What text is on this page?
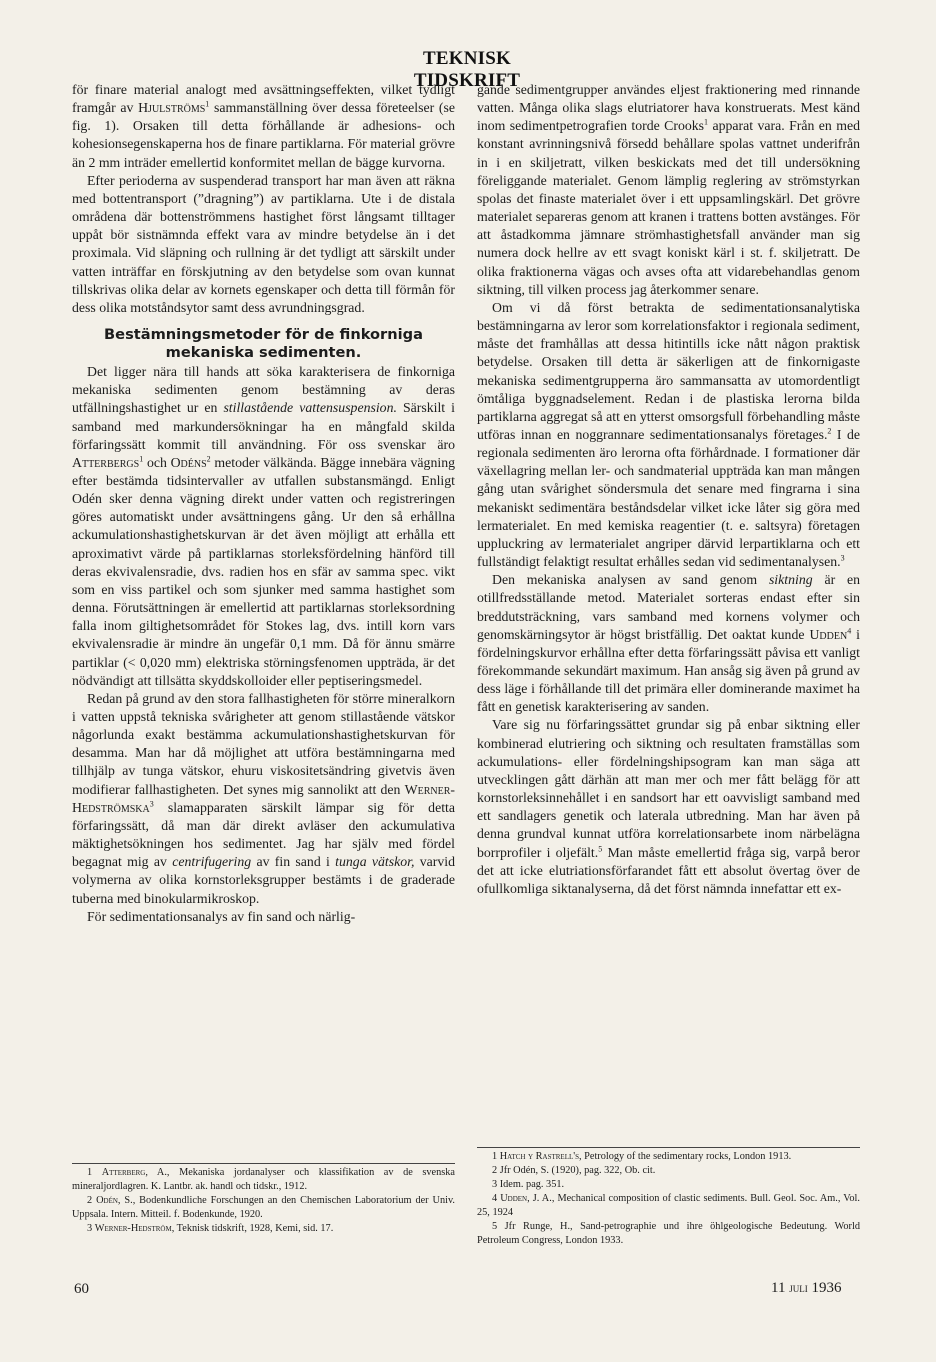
TEKNISK TIDSKRIFT

för finare material analogt med avsättningseffekten, vilket tydligt framgår av Hjulströms$^1$ sammanställning över dessa företeelser (se fig. 1). Orsaken till detta förhållande är adhesions- och kohesionsegenskaperna hos de finare partiklarna. För material grövre än 2 mm inträder emellertid konformitet mellan de bägge kurvorna.

Efter perioderna av suspenderad transport har man även att räkna med bottentransport (”dragning”) av partiklarna. Ute i de distala områdena där bottenströmmens hastighet först långsamt tilltager uppåt bör sistnämnda effekt vara av mindre betydelse än i det proximala. Vid släpning och rullning är det tydligt att särskilt under vatten inträffar en förskjutning av den betydelse som ovan kunnat tillskrivas olika delar av kornets egenskaper och detta till förmån för dess olika motståndsytor samt dess avrundningsgrad.

Bestämningsmetoder för de finkorniga mekaniska sedimenten.

Det ligger nära till hands att söka karakterisera de finkorniga mekaniska sedimenten genom bestämning av deras utfällningshastighet ur en stillastående vattensuspension. Särskilt i samband med markundersökningar ha en mångfald skilda förfaringssätt kommit till användning. För oss svenskar äro Atterbergs$^1$ och Odéns$^2$ metoder välkända. Bägge innebära vägning efter bestämda tidsintervaller av utfallen substansmängd. Enligt Odén sker denna vägning direkt under vatten och registreringen göres automatiskt under avsättningens gång. Ur den så erhållna ackumulationshastighetskurvan är det även möjligt att erhålla ett aproximativt värde på partiklarnas storleksfördelning hänförd till deras ekvivalensradie, dvs. radien hos en sfär av samma spec. vikt som en viss partikel och som sjunker med samma hastighet som denna. Förutsättningen är emellertid att partiklarnas storleksordning falla inom giltighetsområdet för Stokes lag, dvs. intill korn vars ekvivalensradie är mindre än ungefär 0,1 mm. Då för ännu smärre partiklar (< 0,020 mm) elektriska störningsfenomen uppträda, är det nödvändigt att tillsätta skyddskolloider eller peptiseringsmedel.

Redan på grund av den stora fallhastigheten för större mineralkorn i vatten uppstå tekniska svårigheter att genom stillastående vätskor någorlunda exakt bestämma ackumulationshastighetskurvan för desamma. Man har då möjlighet att utföra bestämningarna med tillhjälp av tunga vätskor, ehuru viskositetsändring givetvis även modifierar fallhastigheten. Det synes mig sannolikt att den Werner-Hedströmska$^3$ slamapparaten särskilt lämpar sig för detta förfaringssätt, då man där direkt avläser den ackumulativa mäktighetsökningen hos sedimentet. Jag har själv med fördel begagnat mig av centrifugering av fin sand i tunga vätskor, varvid volymerna av olika kornstorleksgrupper bestämts i de graderade tuberna med binokularmikroskop.

För sedimentationsanalys av fin sand och närlig-

gande sedimentgrupper användes eljest fraktionering med rinnande vatten. Många olika slags elutriatorer hava konstruerats. Mest känd inom sedimentpetrografien torde Crooks$^1$ apparat vara. Från en med konstant avrinningsnivå försedd behållare spolas vattnet underifrån in i en skiljetratt, vilken beskickats med det till undersökning föreliggande materialet. Genom lämplig reglering av strömstyrkan spolas det finaste materialet över i ett uppsamlingskärl. Det grövre materialet separeras genom att kranen i trattens botten avstänges. För att åstadkomma jämnare strömhastighetsfall använder man sig numera dock hellre av ett svagt koniskt kärl i st. f. skiljetratt. De olika fraktionerna vägas och avses ofta att vidarebehandlas genom siktning, till vilken process jag återkommer senare.

Om vi då först betrakta de sedimentationsanalytiska bestämningarna av leror som korrelationsfaktor i regionala sediment, måste det framhållas att dessa hitintills icke nått någon praktisk betydelse. Orsaken till detta är säkerligen att de finkornigaste mekaniska sedimentgrupperna äro sammansatta av utomordentligt ömtåliga byggnadselement. Redan i de plastiska lerorna bilda partiklarna aggregat så att en ytterst omsorgsfull förbehandling måste utföras innan en noggrannare sedimentationsanalys företages.$^2$ I de regionala sedimenten äro lerorna ofta förhårdnade. I formationer där växellagring mellan ler- och sandmaterial uppträda kan man mången gång utan svårighet söndersmula det senare med fingrarna i sina mekaniskt sedimentära beståndsdelar vilket icke låter sig göra med lermaterialet. En med kemiska reagentier (t. e. saltsyra) företagen uppluckring av lermaterialet angriper därvid lerpartiklarna och ett fullständigt felaktigt resultat erhålles sedan vid sedimentanalysen.$^3$

Den mekaniska analysen av sand genom siktning är en otillfredsställande metod. Materialet sorteras endast efter sin breddutsträckning, vars samband med kornens volymer och genomskärningsytor är högst bristfällig. Det oaktat kunde Udden$^4$ i fördelningskurvor erhållna efter detta förfaringssätt påvisa ett vanligt förekommande sekundärt maximum. Han ansåg sig även på grund av dess läge i förhållande till det primära eller dominerande maximet ha fått en genetisk karakterisering av sanden.

Vare sig nu förfaringssättet grundar sig på enbar siktning eller kombinerad elutriering och siktning och resultaten framställas som ackumulations- eller fördelningshipsogram kan man säga att utvecklingen gått därhän att man mer och mer fått belägg för att kornstorleksinnehållet i en sandsort har ett oavvisligt samband med ett sandlagers genetik och laterala utbredning. Man har även på denna grundval kunnat utföra korrelationsarbete inom närbelägna borrprofiler i oljefält.$^5$ Man måste emellertid fråga sig, varpå beror det att icke elutriationsförfarandet fått ett absolut övertag över de ofullkomliga siktanalyserna, då det först nämnda innefattar ett ex-

1 Atterberg, A., Mekaniska jordanalyser och klassifikation av de svenska mineraljordlagren. K. Lantbr. ak. handl och tidskr., 1912.

2 Odén, S., Bodenkundliche Forschungen an den Chemischen Laboratorium der Univ. Uppsala. Intern. Mitteil. f. Bodenkunde, 1920.

3 Werner-Hedström, Teknisk tidskrift, 1928, Kemi, sid. 17.

1 Hatch y Rastrell's, Petrology of the sedimentary rocks, London 1913.

2 Jfr Odén, S. (1920), pag. 322, Ob. cit.

3 Idem. pag. 351.

4 Udden, J. A., Mechanical composition of clastic sediments. Bull. Geol. Soc. Am., Vol. 25, 1924

5 Jfr Runge, H., Sand-petrographie und ihre öhlgeologische Bedeutung. World Petroleum Congress, London 1933.

60	11 juli 1936
